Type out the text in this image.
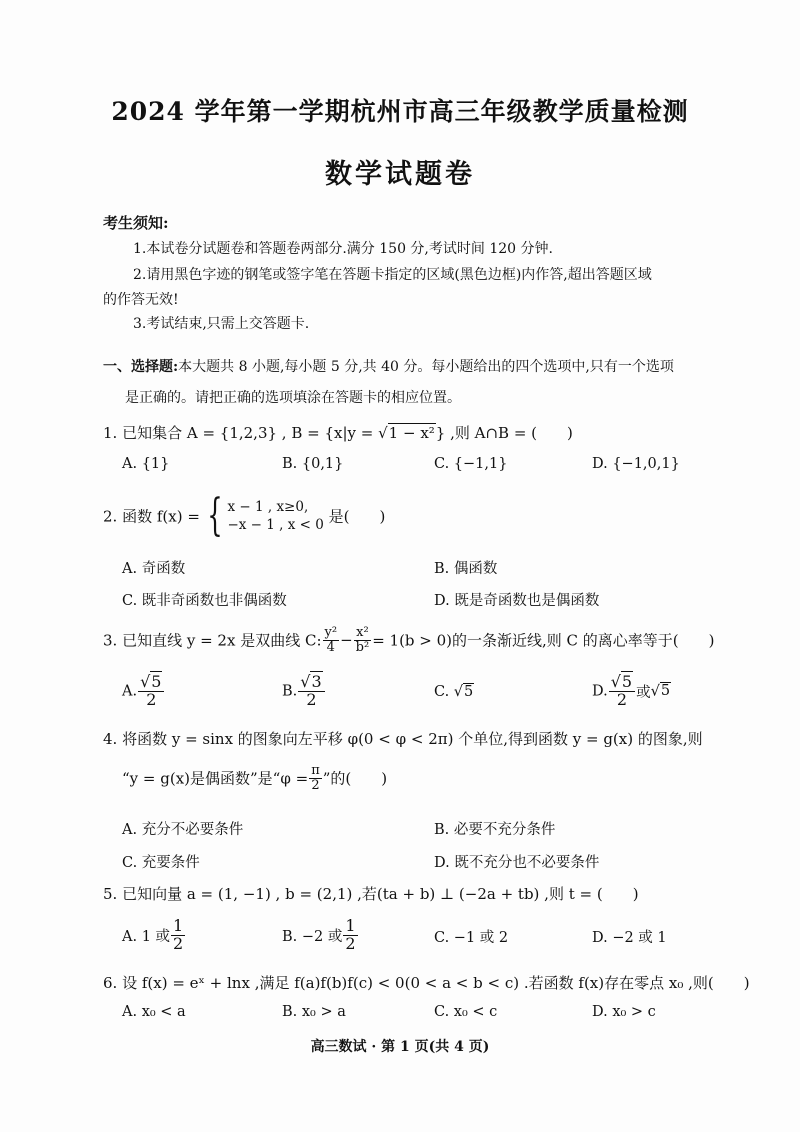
2024 学年第一学期杭州市高三年级教学质量检测
数学试题卷
考生须知:
1.本试卷分试题卷和答题卷两部分.满分 150 分,考试时间 120 分钟.
2.请用黑色字迹的钢笔或签字笔在答题卡指定的区域(黑色边框)内作答,超出答题区域
的作答无效!
3.考试结束,只需上交答题卡.
一、选择题:本大题共 8 小题,每小题 5 分,共 40 分。每小题给出的四个选项中,只有一个选项
是正确的。请把正确的选项填涂在答题卡的相应位置。
1. 已知集合 A = {1,2,3} , B = {x|y = √1 − x²} ,则 A∩B = (　　)
A. {1}	B. {0,1}	C. {−1,1}	D. {−1,0,1}
2. 函数 f(x) = { x − 1 , x≥0,
−x − 1 , x < 0 是(　　)
A. 奇函数	B. 偶函数
C. 既非奇函数也非偶函数	D. 既是奇函数也是偶函数
3. 已知直线 y = 2x 是双曲线 C: $\frac{\text{y²}}{4} - \frac{\text{x²}}{\text{b²}} = 1(b > 0)$的一条渐近线,则 C 的离心率等于(　　)
A. $\frac{√5}{2}$	B. $\frac{√3}{2}$	C. √5	D. $\frac{√5}{2}$ 或√5
4. 将函数 y = sinx 的图象向左平移 φ(0 < φ < 2π) 个单位,得到函数 y = g(x) 的图象,则
“y = g(x)是偶函数”是“$\varphi = \frac{\pi}{2}$ ”的(　　)
A. 充分不必要条件	B. 必要不充分条件
C. 充要条件	D. 既不充分也不必要条件
5. 已知向量 a = (1, −1) , b = (2,1) ,若(ta + b) ⊥ (−2a + tb) ,则 t = (　　)
A. 1 或 $\frac{1}{2}$	B. −2 或 $\frac{1}{2}$	C. −1 或 2	D. −2 或 1
6. 设 f(x) = eˣ + lnx ,满足 f(a)f(b)f(c) < 0(0 < a < b < c) .若函数 f(x)存在零点 x₀ ,则(　　)
A. x₀ < a	B. x₀ > a	C. x₀ < c	D. x₀ > c
高三数试 · 第 1 页(共 4 页)
